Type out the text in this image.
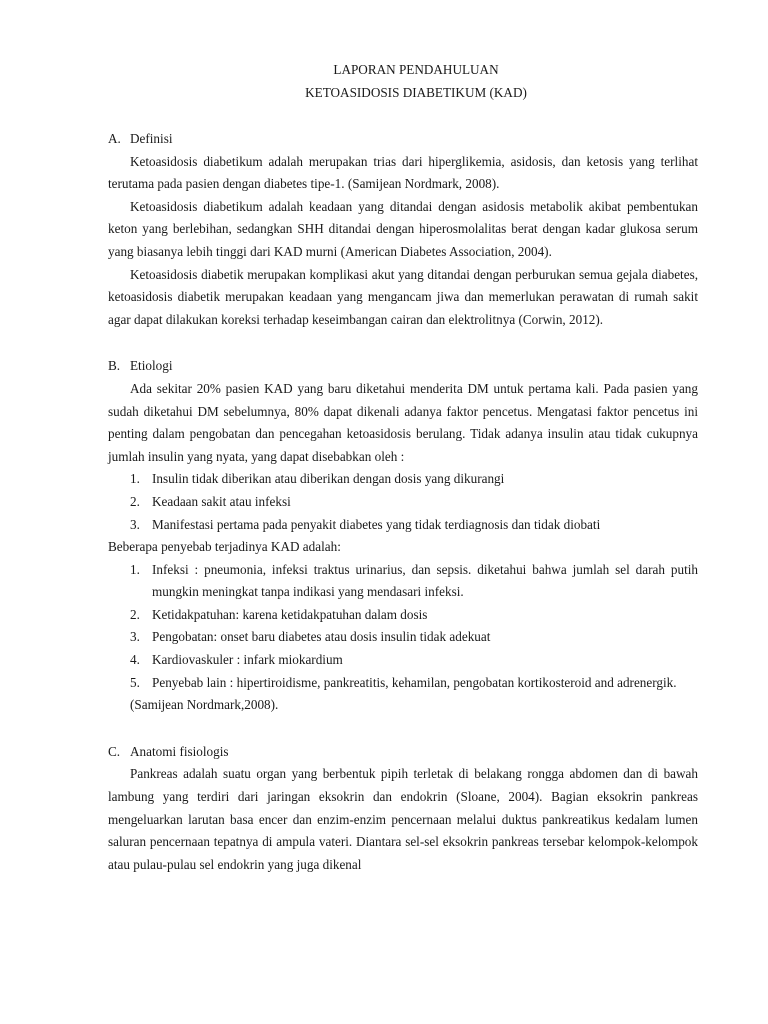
LAPORAN PENDAHULUAN
KETOASIDOSIS DIABETIKUM (KAD)
A. Definisi

Ketoasidosis diabetikum adalah merupakan trias dari hiperglikemia, asidosis, dan ketosis yang terlihat terutama pada pasien dengan diabetes tipe-1. (Samijean Nordmark, 2008).

Ketoasidosis diabetikum adalah keadaan yang ditandai dengan asidosis metabolik akibat pembentukan keton yang berlebihan, sedangkan SHH ditandai dengan hiperosmolalitas berat dengan kadar glukosa serum yang biasanya lebih tinggi dari KAD murni (American Diabetes Association, 2004).

Ketoasidosis diabetik merupakan komplikasi akut yang ditandai dengan perburukan semua gejala diabetes, ketoasidosis diabetik merupakan keadaan yang mengancam jiwa dan memerlukan perawatan di rumah sakit agar dapat dilakukan koreksi terhadap keseimbangan cairan dan elektrolitnya (Corwin, 2012).

B. Etiologi

Ada sekitar 20% pasien KAD yang baru diketahui menderita DM untuk pertama kali. Pada pasien yang sudah diketahui DM sebelumnya, 80% dapat dikenali adanya faktor pencetus. Mengatasi faktor pencetus ini penting dalam pengobatan dan pencegahan ketoasidosis berulang. Tidak adanya insulin atau tidak cukupnya jumlah insulin yang nyata, yang dapat disebabkan oleh :

1. Insulin tidak diberikan atau diberikan dengan dosis yang dikurangi
2. Keadaan sakit atau infeksi
3. Manifestasi pertama pada penyakit diabetes yang tidak terdiagnosis dan tidak diobati

Beberapa penyebab terjadinya KAD adalah:

1. Infeksi : pneumonia, infeksi traktus urinarius, dan sepsis. diketahui bahwa jumlah sel darah putih mungkin meningkat tanpa indikasi yang mendasari infeksi.
2. Ketidakpatuhan: karena ketidakpatuhan dalam dosis
3. Pengobatan: onset baru diabetes atau dosis insulin tidak adekuat
4. Kardiovaskuler : infark miokardium
5. Penyebab lain : hipertiroidisme, pankreatitis, kehamilan, pengobatan kortikosteroid and adrenergik.
(Samijean Nordmark,2008).
C. Anatomi fisiologis

Pankreas adalah suatu organ yang berbentuk pipih terletak di belakang rongga abdomen dan di bawah lambung yang terdiri dari jaringan eksokrin dan endokrin (Sloane, 2004). Bagian eksokrin pankreas mengeluarkan larutan basa encer dan enzim-enzim pencernaan melalui duktus pankreatikus kedalam lumen saluran pencernaan tepatnya di ampula vateri. Diantara sel-sel eksokrin pankreas tersebar kelompok-kelompok atau pulau-pulau sel endokrin yang juga dikenal
